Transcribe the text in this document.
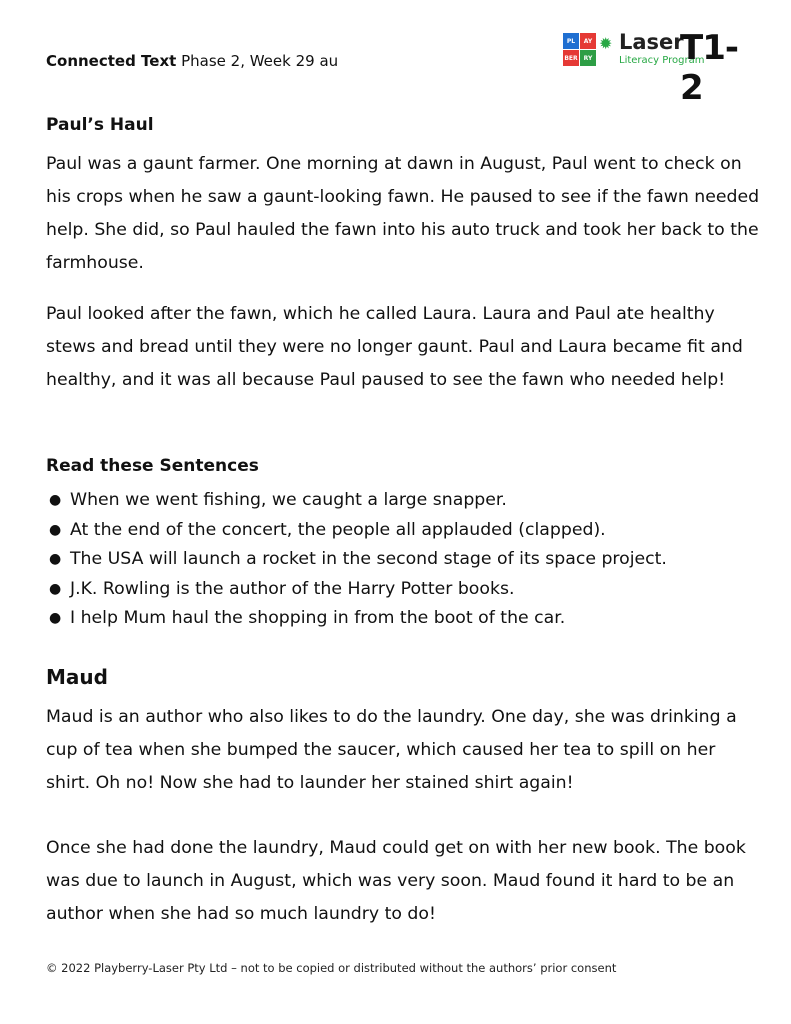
Connected Text Phase 2, Week 29 au
PL	AY
BER	RY
✹ Laser
Literacy Program
T1-2
Paul’s Haul

Paul was a gaunt farmer. One morning at dawn in August, Paul went to check on his crops when he saw a gaunt-looking fawn. He paused to see if the fawn needed help. She did, so Paul hauled the fawn into his auto truck and took her back to the farmhouse.

Paul looked after the fawn, which he called Laura. Laura and Paul ate healthy stews and bread until they were no longer gaunt. Paul and Laura became fit and healthy, and it was all because Paul paused to see the fawn who needed help!

Read these Sentences
● When we went fishing, we caught a large snapper.
● At the end of the concert, the people all applauded (clapped).
● The USA will launch a rocket in the second stage of its space project.
● J.K. Rowling is the author of the Harry Potter books.
● I help Mum haul the shopping in from the boot of the car.
Maud

Maud is an author who also likes to do the laundry. One day, she was drinking a cup of tea when she bumped the saucer, which caused her tea to spill on her shirt. Oh no! Now she had to launder her stained shirt again!

Once she had done the laundry, Maud could get on with her new book. The book was due to launch in August, which was very soon. Maud found it hard to be an author when she had so much laundry to do!

© 2022 Playberry-Laser Pty Ltd – not to be copied or distributed without the authors’ prior consent
